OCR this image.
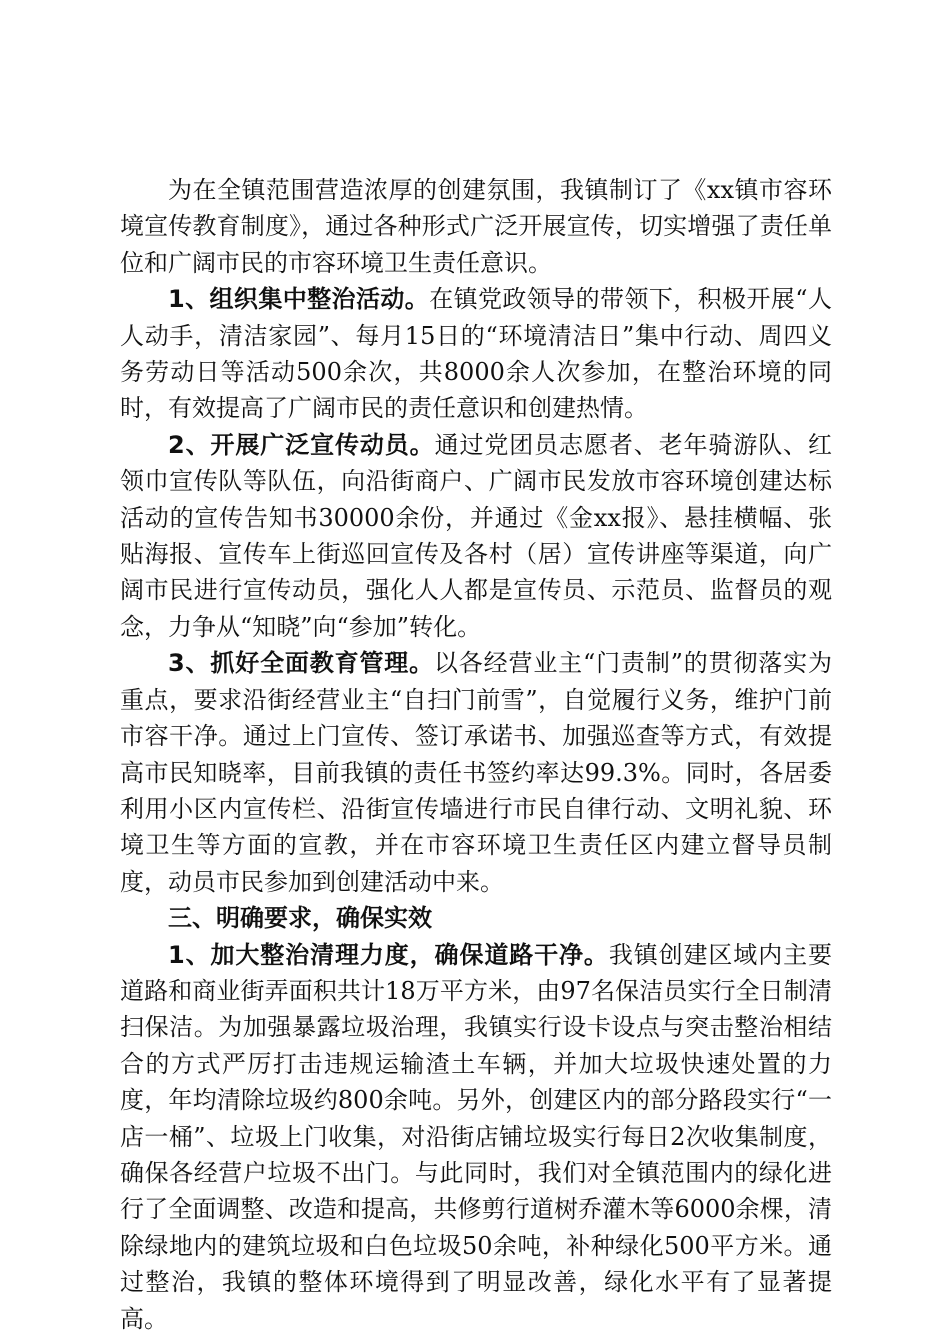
为在全镇范围营造浓厚的创建氛围，我镇制订了《xx镇市容环境宣传教育制度》，通过各种形式广泛开展宣传，切实增强了责任单位和广阔市民的市容环境卫生责任意识。

1、组织集中整治活动。在镇党政领导的带领下，积极开展“人人动手，清洁家园”、每月15日的“环境清洁日”集中行动、周四义务劳动日等活动500余次，共8000余人次参加，在整治环境的同时，有效提高了广阔市民的责任意识和创建热情。

2、开展广泛宣传动员。通过党团员志愿者、老年骑游队、红领巾宣传队等队伍，向沿街商户、广阔市民发放市容环境创建达标活动的宣传告知书30000余份，并通过《金xx报》、悬挂横幅、张贴海报、宣传车上街巡回宣传及各村（居）宣传讲座等渠道，向广阔市民进行宣传动员，强化人人都是宣传员、示范员、监督员的观念，力争从“知晓”向“参加”转化。

3、抓好全面教育管理。以各经营业主“门责制”的贯彻落实为重点，要求沿街经营业主“自扫门前雪”，自觉履行义务，维护门前市容干净。通过上门宣传、签订承诺书、加强巡查等方式，有效提高市民知晓率，目前我镇的责任书签约率达99.3%。同时，各居委利用小区内宣传栏、沿街宣传墙进行市民自律行动、文明礼貌、环境卫生等方面的宣教，并在市容环境卫生责任区内建立督导员制度，动员市民参加到创建活动中来。

三、明确要求，确保实效

1、加大整治清理力度，确保道路干净。我镇创建区域内主要道路和商业街弄面积共计18万平方米，由97名保洁员实行全日制清扫保洁。为加强暴露垃圾治理，我镇实行设卡设点与突击整治相结合的方式严厉打击违规运输渣土车辆，并加大垃圾快速处置的力度，年均清除垃圾约800余吨。另外，创建区内的部分路段实行“一店一桶”、垃圾上门收集，对沿街店铺垃圾实行每日2次收集制度，确保各经营户垃圾不出门。与此同时，我们对全镇范围内的绿化进行了全面调整、改造和提高，共修剪行道树乔灌木等6000余棵，清除绿地内的建筑垃圾和白色垃圾50余吨，补种绿化500平方米。通过整治，我镇的整体环境得到了明显改善，绿化水平有了显著提高。
